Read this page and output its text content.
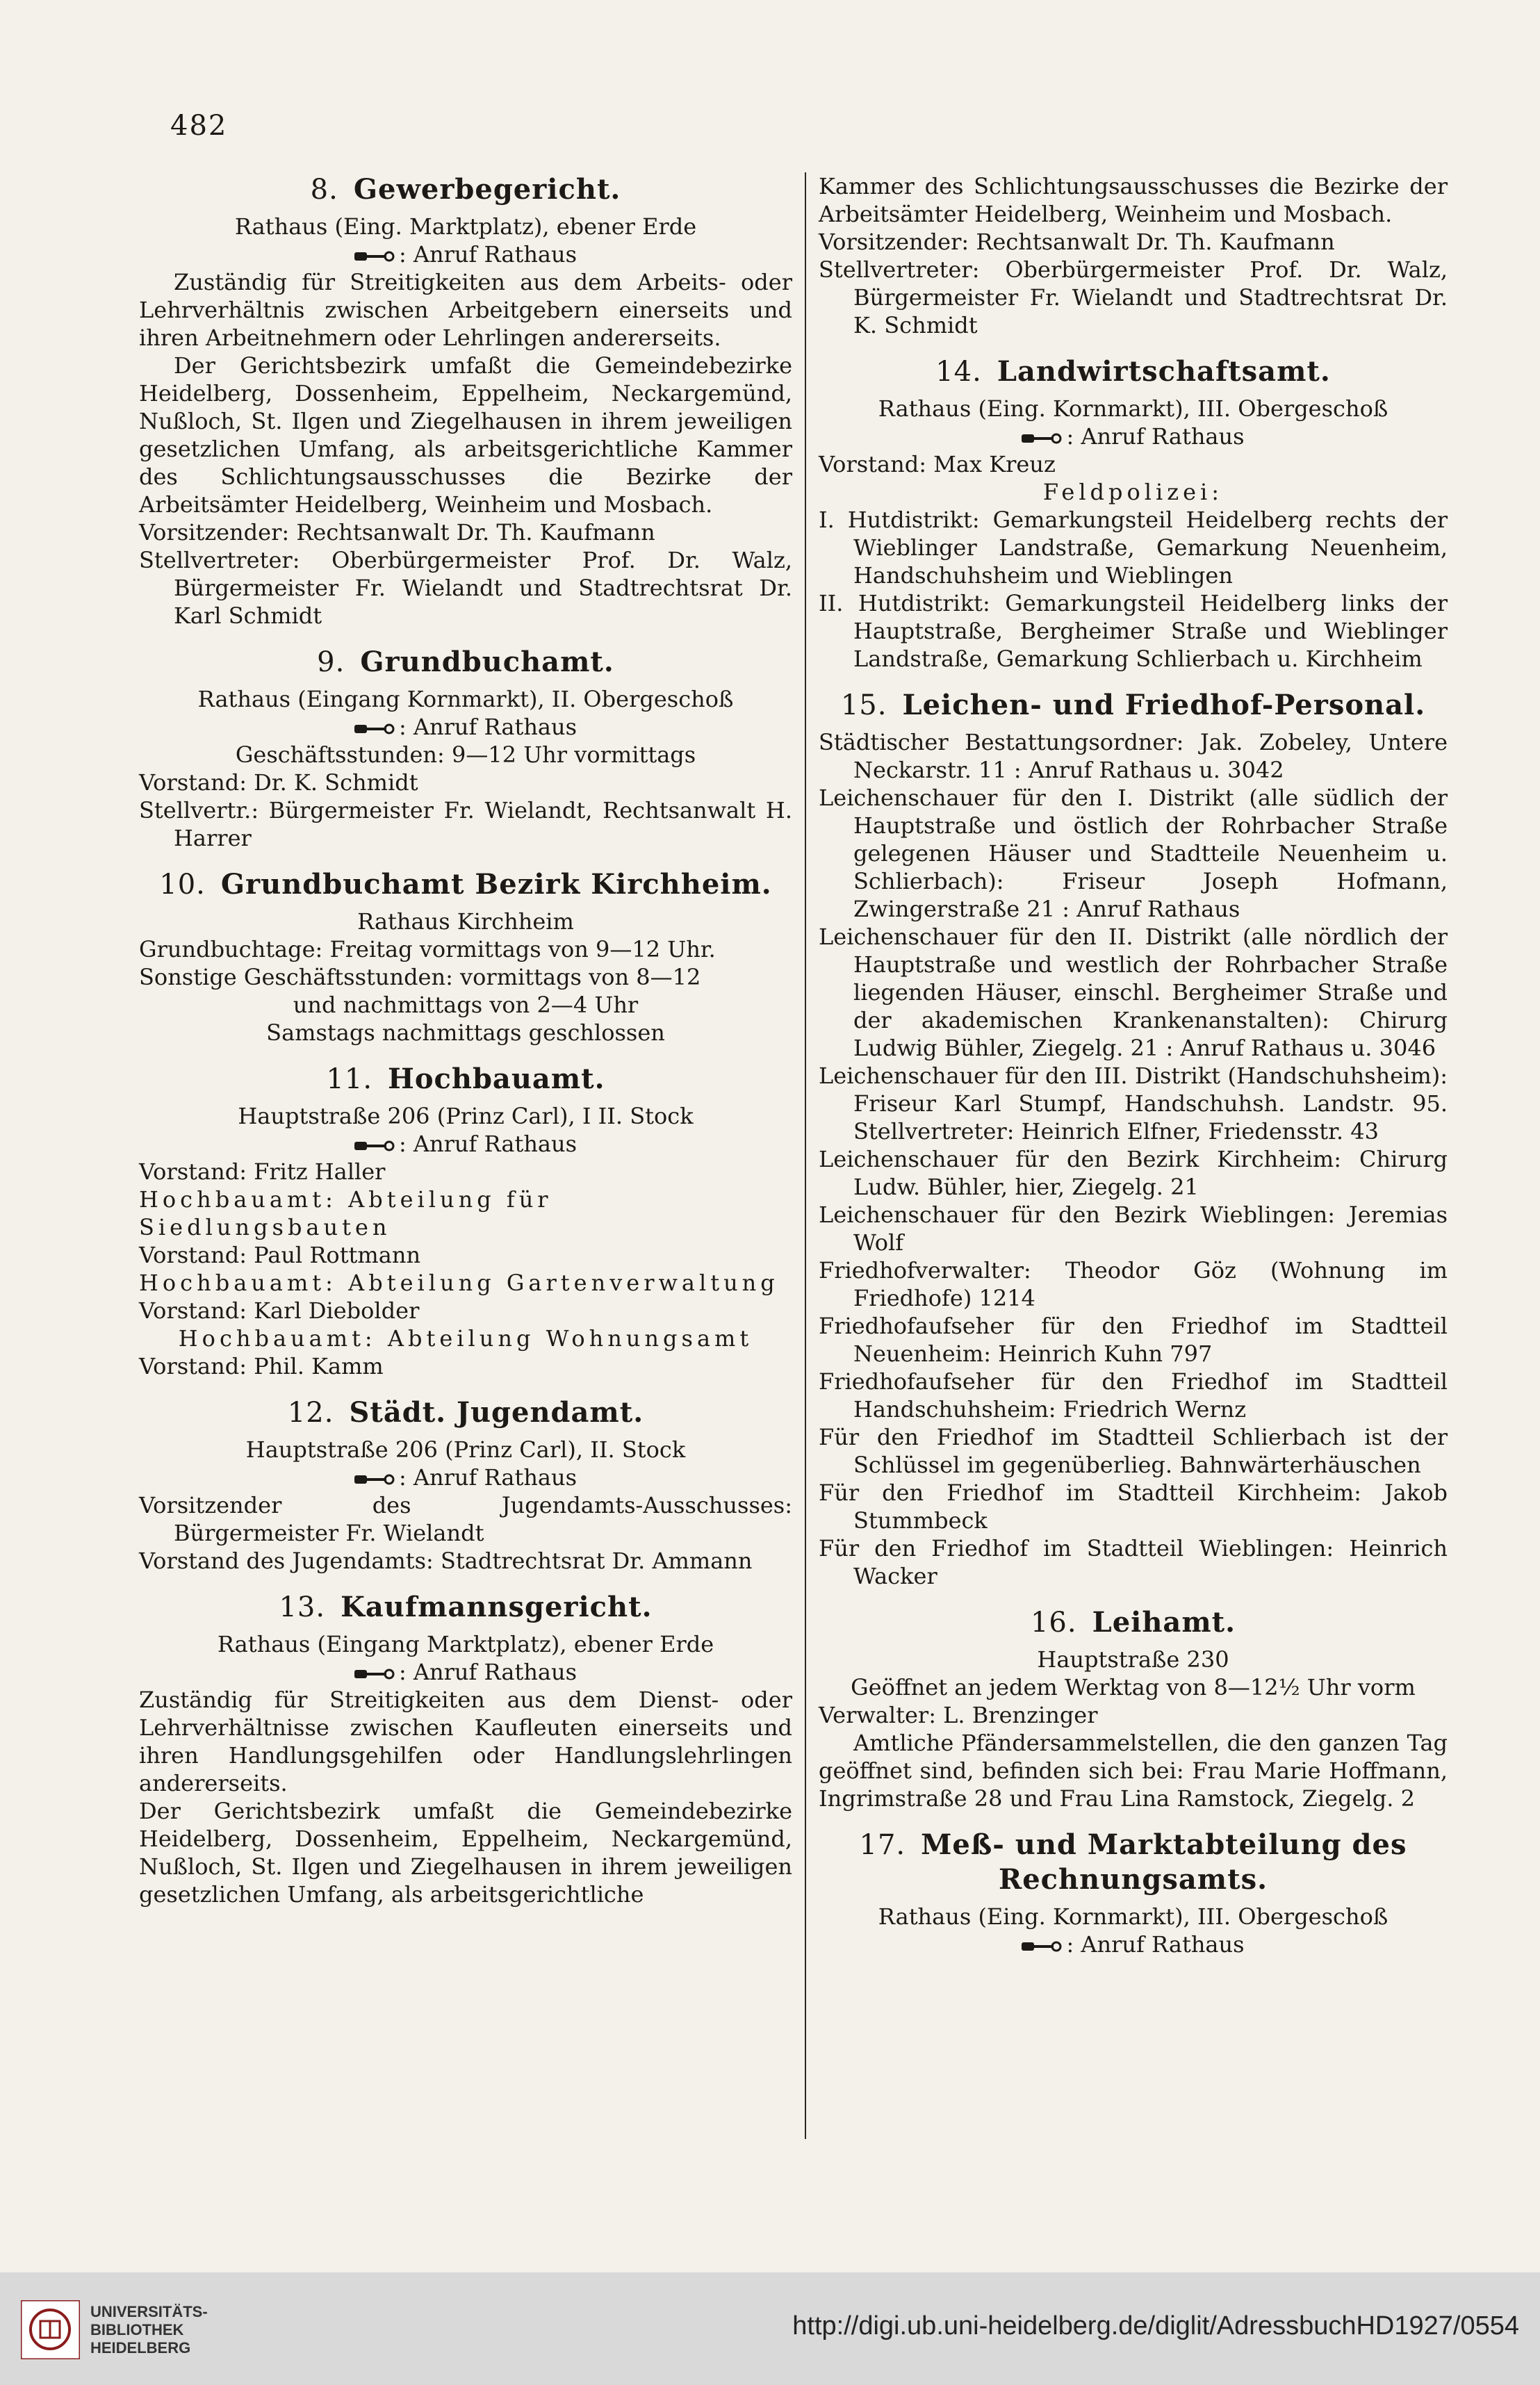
482
8. Gewerbegericht.

Rathaus (Eing. Marktplatz), ebener Erde

: Anruf Rathaus

Zuständig für Streitigkeiten aus dem Arbeits- oder Lehrverhältnis zwischen Arbeitgebern einerseits und ihren Arbeitnehmern oder Lehrlingen andererseits.

Der Gerichtsbezirk umfaßt die Gemeindebezirke Heidelberg, Dossenheim, Eppelheim, Neckargemünd, Nußloch, St. Ilgen und Ziegelhausen in ihrem jeweiligen gesetzlichen Umfang, als arbeitsgerichtliche Kammer des Schlichtungsausschusses die Bezirke der Arbeitsämter Heidelberg, Weinheim und Mosbach.

Vorsitzender: Rechtsanwalt Dr. Th. Kaufmann

Stellvertreter: Oberbürgermeister Prof. Dr. Walz, Bürgermeister Fr. Wielandt und Stadtrechtsrat Dr. Karl Schmidt

9. Grundbuchamt.

Rathaus (Eingang Kornmarkt), II. Obergeschoß

: Anruf Rathaus

Geschäftsstunden: 9—12 Uhr vormittags

Vorstand: Dr. K. Schmidt

Stellvertr.: Bürgermeister Fr. Wielandt, Rechtsanwalt H. Harrer

10. Grundbuchamt Bezirk Kirchheim.

Rathaus Kirchheim

Grundbuchtage: Freitag vormittags von 9—12 Uhr.

Sonstige Geschäftsstunden: vormittags von 8—12

und nachmittags von 2—4 Uhr

Samstags nachmittags geschlossen

11. Hochbauamt.

Hauptstraße 206 (Prinz Carl), I II. Stock

: Anruf Rathaus

Vorstand: Fritz Haller

Hochbauamt: Abteilung für Siedlungsbauten

Vorstand: Paul Rottmann

Hochbauamt: Abteilung Gartenverwaltung

Vorstand: Karl Diebolder

Hochbauamt: Abteilung Wohnungsamt

Vorstand: Phil. Kamm

12. Städt. Jugendamt.

Hauptstraße 206 (Prinz Carl), II. Stock

: Anruf Rathaus

Vorsitzender des Jugendamts-Ausschusses: Bürgermeister Fr. Wielandt

Vorstand des Jugendamts: Stadtrechtsrat Dr. Ammann

13. Kaufmannsgericht.

Rathaus (Eingang Marktplatz), ebener Erde

: Anruf Rathaus

Zuständig für Streitigkeiten aus dem Dienst- oder Lehrverhältnisse zwischen Kaufleuten einerseits und ihren Handlungsgehilfen oder Handlungslehrlingen andererseits.

Der Gerichtsbezirk umfaßt die Gemeindebezirke Heidelberg, Dossenheim, Eppelheim, Neckargemünd, Nußloch, St. Ilgen und Ziegelhausen in ihrem jeweiligen gesetzlichen Umfang, als arbeitsgerichtliche

Kammer des Schlichtungsausschusses die Bezirke der Arbeitsämter Heidelberg, Weinheim und Mosbach.

Vorsitzender: Rechtsanwalt Dr. Th. Kaufmann

Stellvertreter: Oberbürgermeister Prof. Dr. Walz, Bürgermeister Fr. Wielandt und Stadtrechtsrat Dr. K. Schmidt

14. Landwirtschaftsamt.

Rathaus (Eing. Kornmarkt), III. Obergeschoß

: Anruf Rathaus

Vorstand: Max Kreuz

Feldpolizei:

I. Hutdistrikt: Gemarkungsteil Heidelberg rechts der Wieblinger Landstraße, Gemarkung Neuenheim, Handschuhsheim und Wieblingen

II. Hutdistrikt: Gemarkungsteil Heidelberg links der Hauptstraße, Bergheimer Straße und Wieblinger Landstraße, Gemarkung Schlierbach u. Kirchheim

15. Leichen- und Friedhof-Personal.

Städtischer Bestattungsordner: Jak. Zobeley, Untere Neckarstr. 11 : Anruf Rathaus u. 3042

Leichenschauer für den I. Distrikt (alle südlich der Hauptstraße und östlich der Rohrbacher Straße gelegenen Häuser und Stadtteile Neuenheim u. Schlierbach): Friseur Joseph Hofmann, Zwingerstraße 21 : Anruf Rathaus

Leichenschauer für den II. Distrikt (alle nördlich der Hauptstraße und westlich der Rohrbacher Straße liegenden Häuser, einschl. Bergheimer Straße und der akademischen Krankenanstalten): Chirurg Ludwig Bühler, Ziegelg. 21 : Anruf Rathaus u. 3046

Leichenschauer für den III. Distrikt (Handschuhsheim): Friseur Karl Stumpf, Handschuhsh. Landstr. 95. Stellvertreter: Heinrich Elfner, Friedensstr. 43

Leichenschauer für den Bezirk Kirchheim: Chirurg Ludw. Bühler, hier, Ziegelg. 21

Leichenschauer für den Bezirk Wieblingen: Jeremias Wolf

Friedhofverwalter: Theodor Göz (Wohnung im Friedhofe) 1214

Friedhofaufseher für den Friedhof im Stadtteil Neuenheim: Heinrich Kuhn 797

Friedhofaufseher für den Friedhof im Stadtteil Handschuhsheim: Friedrich Wernz

Für den Friedhof im Stadtteil Schlierbach ist der Schlüssel im gegenüberlieg. Bahnwärterhäuschen

Für den Friedhof im Stadtteil Kirchheim: Jakob Stummbeck

Für den Friedhof im Stadtteil Wieblingen: Heinrich Wacker

16. Leihamt.

Hauptstraße 230

Geöffnet an jedem Werktag von 8—12½ Uhr vorm

Verwalter: L. Brenzinger

Amtliche Pfändersammelstellen, die den ganzen Tag geöffnet sind, befinden sich bei: Frau Marie Hoffmann, Ingrimstraße 28 und Frau Lina Ramstock, Ziegelg. 2

17. Meß- und Marktabteilung des Rechnungsamts.

Rathaus (Eing. Kornmarkt), III. Obergeschoß

: Anruf Rathaus

UNIVERSITÄTS-
BIBLIOTHEK
HEIDELBERG
http://digi.ub.uni-heidelberg.de/diglit/AdressbuchHD1927/0554
